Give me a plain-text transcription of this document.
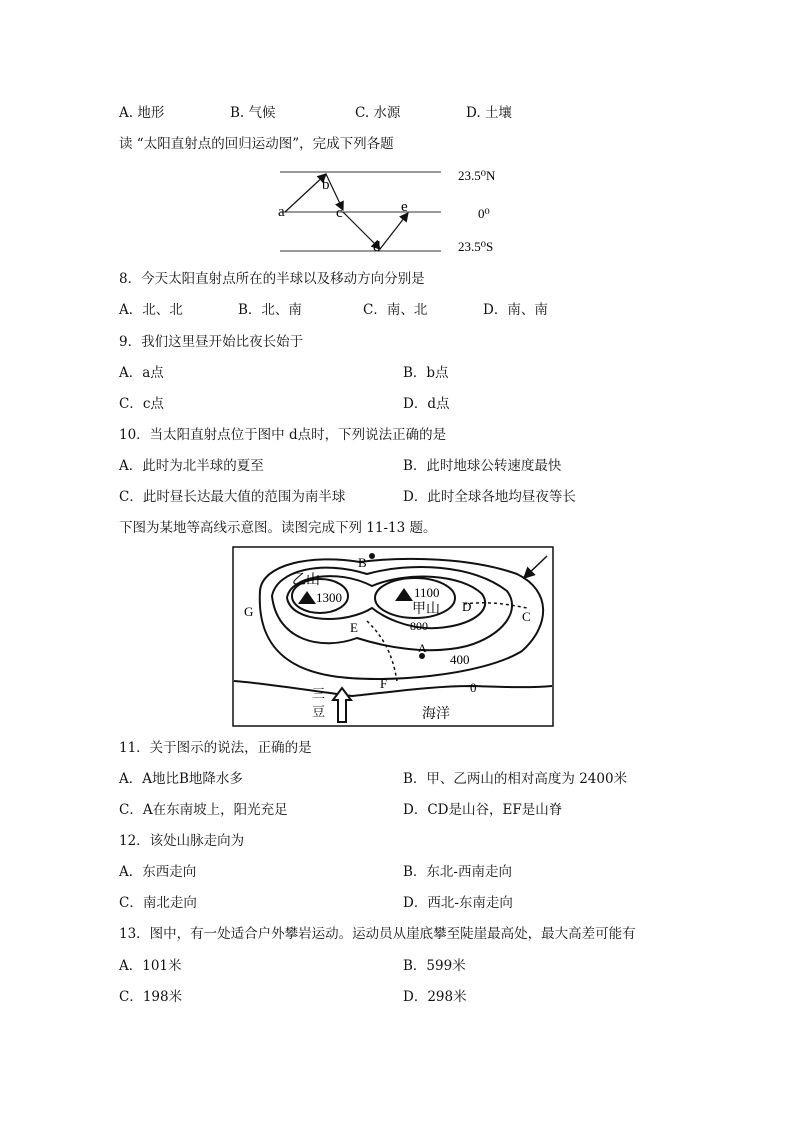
A. 地形	B. 气候	C. 水源	D. 土壤
读 “太阳直射点的回归运动图”，完成下列各题
a
b
c
d
e
23.5⁰N
0⁰
23.5⁰S
8．今天太阳直射点所在的半球以及移动方向分别是
A．北、北	B．北、南	C．南、北	D．南、南
9．我们这里昼开始比夜长始于
A．a点	B．b点
C．c点	D．d点
10．当太阳直射点位于图中 d点时，下列说法正确的是
A．此时为北半球的夏至	B．此时地球公转速度最快
C．此时昼长达最大值的范围为南半球	D．此时全球各地均昼夜等长
下图为某地等高线示意图。读图完成下列 11-13 题。
乙山
1300
甲山
1100
800
400
0
海洋
三
豆
A
B
C
D
E
F
G
11．关于图示的说法，正确的是
A．A地比B地降水多	B．甲、乙两山的相对高度为 2400米
C．A在东南坡上，阳光充足	D．CD是山谷，EF是山脊
12．该处山脉走向为
A．东西走向	B．东北-西南走向
C．南北走向	D．西北-东南走向
13．图中，有一处适合户外攀岩运动。运动员从崖底攀至陡崖最高处，最大高差可能有
A．101米	B．599米
C．198米	D．298米
